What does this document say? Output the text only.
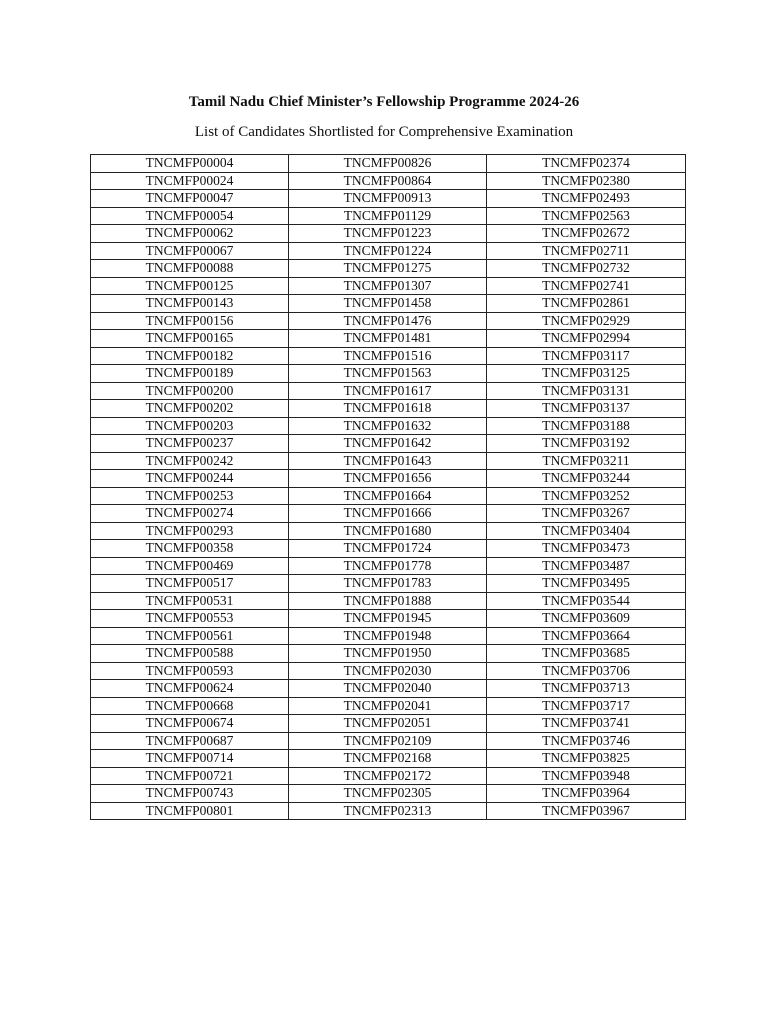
Tamil Nadu Chief Minister’s Fellowship Programme 2024-26
List of Candidates Shortlisted for Comprehensive Examination
TNCMFP00004	TNCMFP00826	TNCMFP02374
TNCMFP00024	TNCMFP00864	TNCMFP02380
TNCMFP00047	TNCMFP00913	TNCMFP02493
TNCMFP00054	TNCMFP01129	TNCMFP02563
TNCMFP00062	TNCMFP01223	TNCMFP02672
TNCMFP00067	TNCMFP01224	TNCMFP02711
TNCMFP00088	TNCMFP01275	TNCMFP02732
TNCMFP00125	TNCMFP01307	TNCMFP02741
TNCMFP00143	TNCMFP01458	TNCMFP02861
TNCMFP00156	TNCMFP01476	TNCMFP02929
TNCMFP00165	TNCMFP01481	TNCMFP02994
TNCMFP00182	TNCMFP01516	TNCMFP03117
TNCMFP00189	TNCMFP01563	TNCMFP03125
TNCMFP00200	TNCMFP01617	TNCMFP03131
TNCMFP00202	TNCMFP01618	TNCMFP03137
TNCMFP00203	TNCMFP01632	TNCMFP03188
TNCMFP00237	TNCMFP01642	TNCMFP03192
TNCMFP00242	TNCMFP01643	TNCMFP03211
TNCMFP00244	TNCMFP01656	TNCMFP03244
TNCMFP00253	TNCMFP01664	TNCMFP03252
TNCMFP00274	TNCMFP01666	TNCMFP03267
TNCMFP00293	TNCMFP01680	TNCMFP03404
TNCMFP00358	TNCMFP01724	TNCMFP03473
TNCMFP00469	TNCMFP01778	TNCMFP03487
TNCMFP00517	TNCMFP01783	TNCMFP03495
TNCMFP00531	TNCMFP01888	TNCMFP03544
TNCMFP00553	TNCMFP01945	TNCMFP03609
TNCMFP00561	TNCMFP01948	TNCMFP03664
TNCMFP00588	TNCMFP01950	TNCMFP03685
TNCMFP00593	TNCMFP02030	TNCMFP03706
TNCMFP00624	TNCMFP02040	TNCMFP03713
TNCMFP00668	TNCMFP02041	TNCMFP03717
TNCMFP00674	TNCMFP02051	TNCMFP03741
TNCMFP00687	TNCMFP02109	TNCMFP03746
TNCMFP00714	TNCMFP02168	TNCMFP03825
TNCMFP00721	TNCMFP02172	TNCMFP03948
TNCMFP00743	TNCMFP02305	TNCMFP03964
TNCMFP00801	TNCMFP02313	TNCMFP03967
